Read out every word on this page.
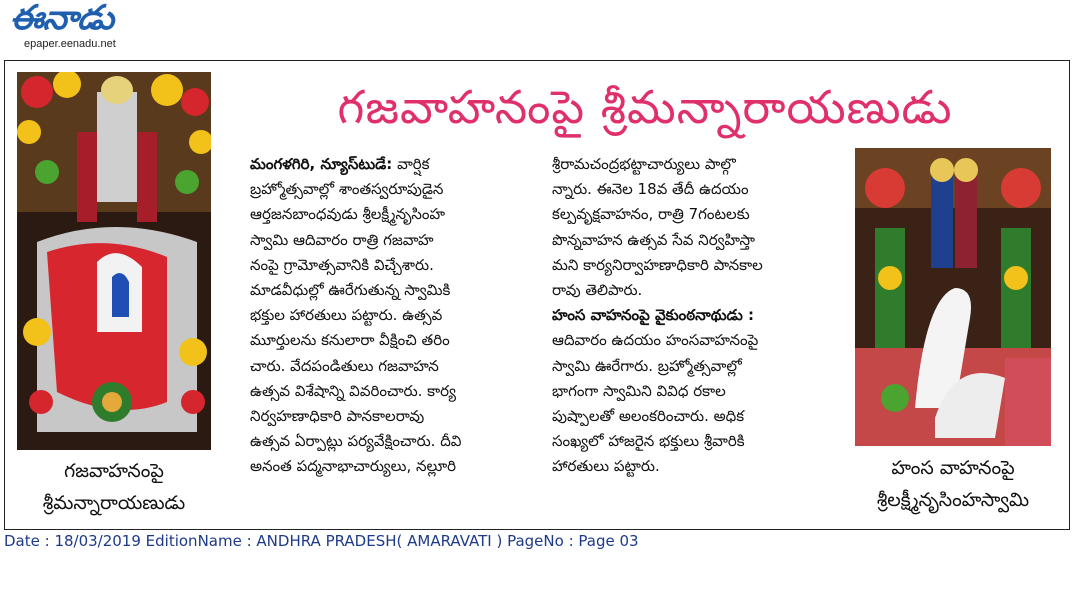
ఈనాడు
epaper.eenadu.net
గజవాహనంపై
శ్రీమన్నారాయణుడు
గజవాహనంపై శ్రీమన్నారాయణుడు

మంగళగిరి, న్యూస్‌టుడే: వార్షిక

బ్రహ్మోత్సవాల్లో శాంతస్వరూపుడైన

ఆర్తజనబాంధవుడు శ్రీలక్ష్మీనృసింహ

స్వామి ఆదివారం రాత్రి గజవాహ

నంపై గ్రామోత్సవానికి విచ్చేశారు.

మాడవీధుల్లో ఊరేగుతున్న స్వామికి

భక్తుల హారతులు పట్టారు. ఉత్సవ

మూర్తులను కనులారా వీక్షించి తరిం

చారు. వేదపండితులు గజవాహన

ఉత్సవ విశేషాన్ని వివరించారు. కార్య

నిర్వహణాధికారి పానకాలరావు

ఉత్సవ ఏర్పాట్లు పర్యవేక్షించారు. దీవి

అనంత పద్మనాభాచార్యులు, నల్లూరి

శ్రీరామచంద్రభట్టాచార్యులు పాల్గొ

న్నారు. ఈనెల 18వ తేదీ ఉదయం

కల్పవృక్షవాహనం, రాత్రి 7గంటలకు

పొన్నవాహన ఉత్సవ సేవ నిర్వహిస్తా

మని కార్యనిర్వాహణాధికారి పానకాల

రావు తెలిపారు.

హంస వాహనంపై వైకుంఠనాథుడు :

ఆదివారం ఉదయం హంసవాహనంపై

స్వామి ఊరేగారు. బ్రహ్మోత్సవాల్లో

భాగంగా స్వామిని వివిధ రకాల

పుష్పాలతో అలంకరించారు. అధిక

సంఖ్యలో హాజరైన భక్తులు శ్రీవారికి

హారతులు పట్టారు.	హంస వాహనంపై
శ్రీలక్ష్మీనృసింహస్వామి
Date : 18/03/2019 EditionName : ANDHRA PRADESH( AMARAVATI ) PageNo : Page 03
